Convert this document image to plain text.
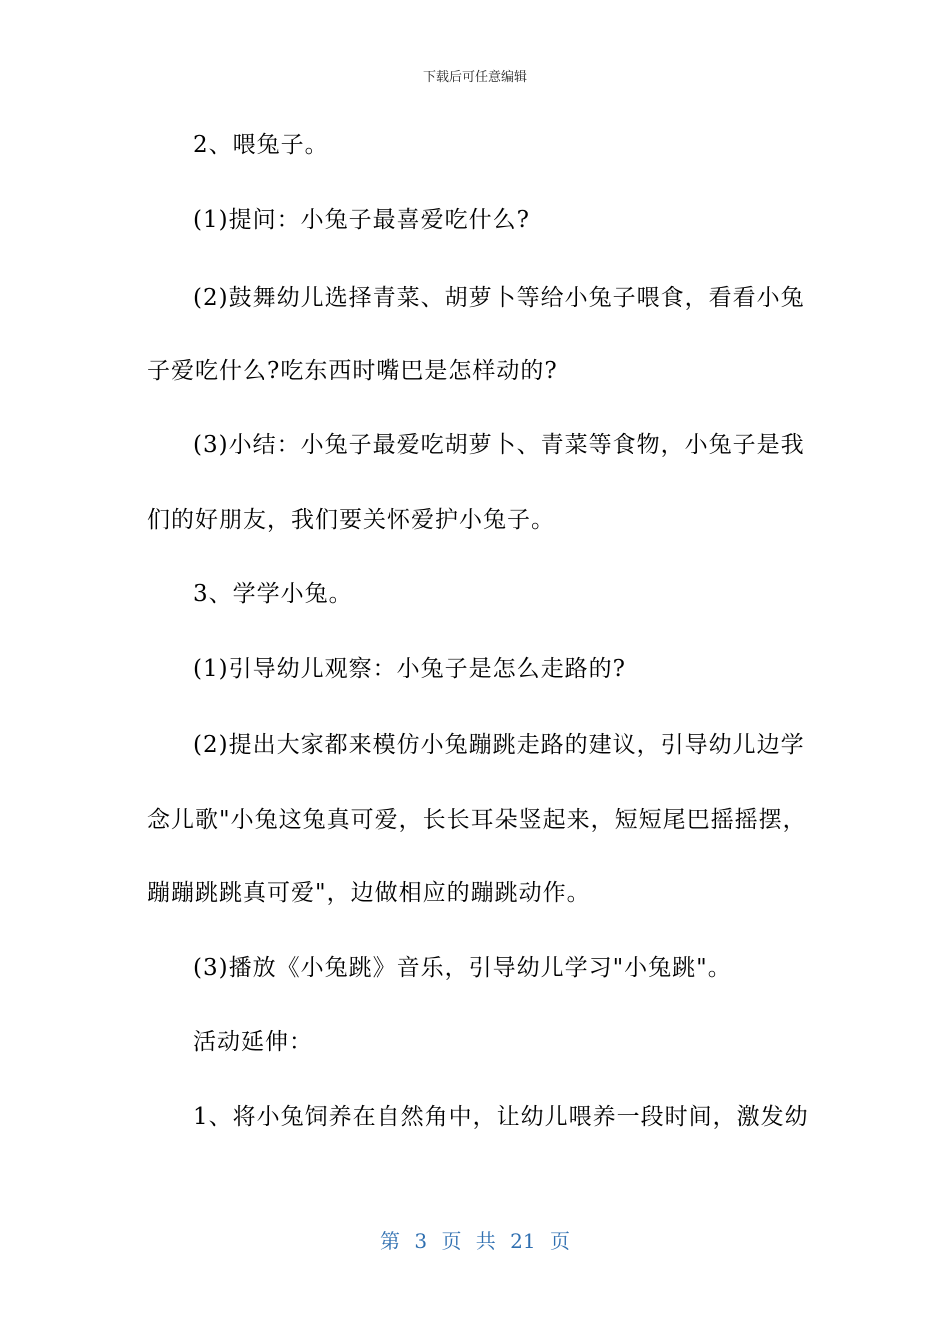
下载后可任意编辑
2、喂兔子。
(1)提问：小兔子最喜爱吃什么?
(2)鼓舞幼儿选择青菜、胡萝卜等给小兔子喂食，看看小兔
子爱吃什么?吃东西时嘴巴是怎样动的?
(3)小结：小兔子最爱吃胡萝卜、青菜等食物，小兔子是我
们的好朋友，我们要关怀爱护小兔子。
3、学学小兔。
(1)引导幼儿观察：小兔子是怎么走路的?
(2)提出大家都来模仿小兔蹦跳走路的建议，引导幼儿边学
念儿歌"小兔这兔真可爱，长长耳朵竖起来，短短尾巴摇摇摆，
蹦蹦跳跳真可爱"，边做相应的蹦跳动作。
(3)播放《小兔跳》音乐，引导幼儿学习"小兔跳"。
活动延伸：
1、将小兔饲养在自然角中，让幼儿喂养一段时间，激发幼
第 3 页 共 21 页
